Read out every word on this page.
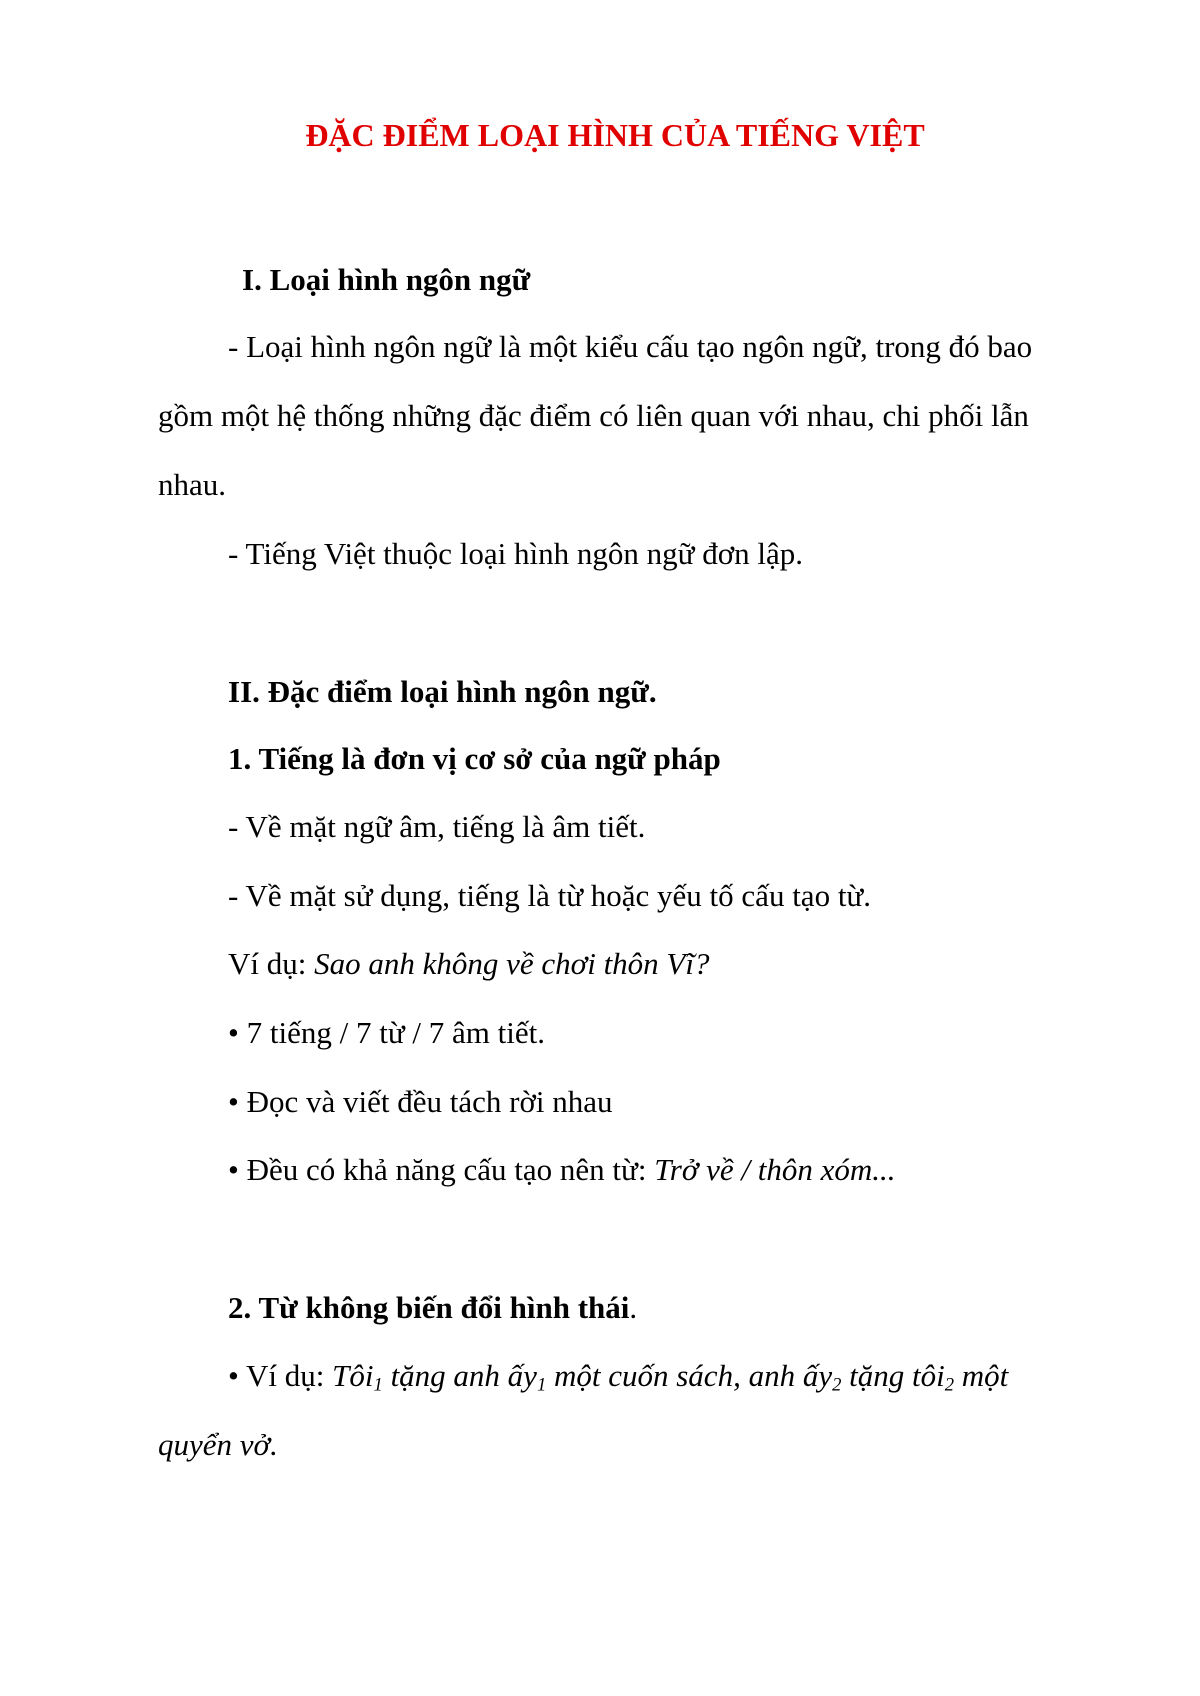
ĐẶC ĐIỂM LOẠI HÌNH CỦA TIẾNG VIỆT
I. Loại hình ngôn ngữ
- Loại hình ngôn ngữ là một kiểu cấu tạo ngôn ngữ, trong đó bao
gồm một hệ thống những đặc điểm có liên quan với nhau, chi phối lẫn
nhau.
- Tiếng Việt thuộc loại hình ngôn ngữ đơn lập.
II. Đặc điểm loại hình ngôn ngữ.
1. Tiếng là đơn vị cơ sở của ngữ pháp
- Về mặt ngữ âm, tiếng là âm tiết.
- Về mặt sử dụng, tiếng là từ hoặc yếu tố cấu tạo từ.
Ví dụ: Sao anh không về chơi thôn Vĩ?
• 7 tiếng / 7 từ / 7 âm tiết.
• Đọc và viết đều tách rời nhau
• Đều có khả năng cấu tạo nên từ: Trở về / thôn xóm...
2. Từ không biến đổi hình thái.
• Ví dụ: Tôi$_1$ tặng anh ấy$_1$ một cuốn sách, anh ấy$_2$ tặng tôi$_2$ một
quyển vở.
